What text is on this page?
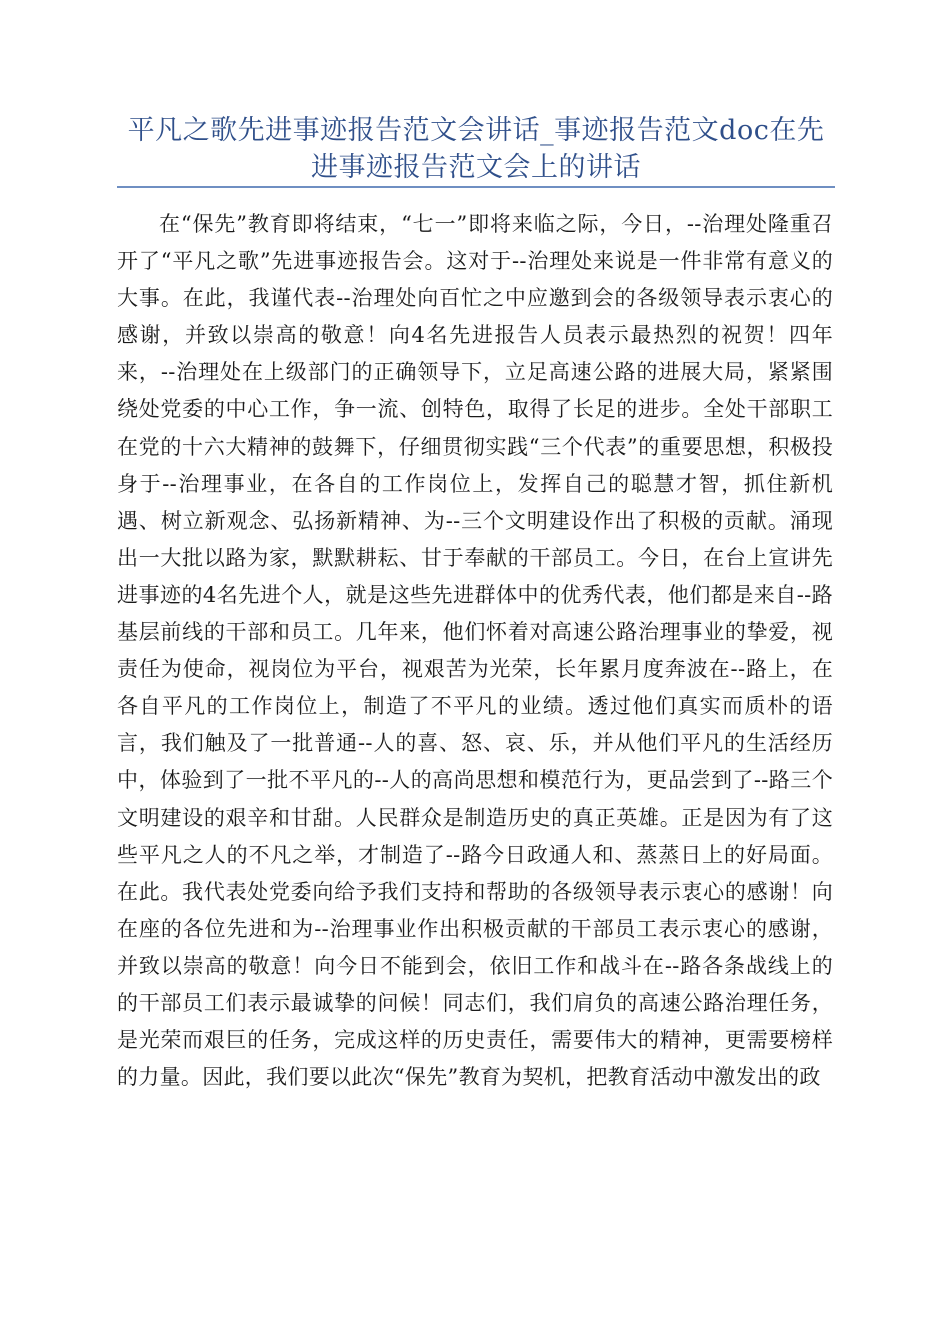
平凡之歌先进事迹报告范文会讲话_事迹报告范文doc在先进事迹报告范文会上的讲话

在“保先”教育即将结束，“七一”即将来临之际，今日，--治理处隆重召开了“平凡之歌”先进事迹报告会。这对于--治理处来说是一件非常有意义的大事。在此，我谨代表--治理处向百忙之中应邀到会的各级领导表示衷心的感谢，并致以崇高的敬意！向4名先进报告人员表示最热烈的祝贺！四年来，--治理处在上级部门的正确领导下，立足高速公路的进展大局，紧紧围绕处党委的中心工作，争一流、创特色，取得了长足的进步。全处干部职工在党的十六大精神的鼓舞下，仔细贯彻实践“三个代表”的重要思想，积极投身于--治理事业，在各自的工作岗位上，发挥自己的聪慧才智，抓住新机遇、树立新观念、弘扬新精神、为--三个文明建设作出了积极的贡献。涌现出一大批以路为家，默默耕耘、甘于奉献的干部员工。今日，在台上宣讲先进事迹的4名先进个人，就是这些先进群体中的优秀代表，他们都是来自--路基层前线的干部和员工。几年来，他们怀着对高速公路治理事业的挚爱，视责任为使命，视岗位为平台，视艰苦为光荣，长年累月度奔波在--路上，在各自平凡的工作岗位上，制造了不平凡的业绩。透过他们真实而质朴的语言，我们触及了一批普通--人的喜、怒、哀、乐，并从他们平凡的生活经历中，体验到了一批不平凡的--人的高尚思想和模范行为，更品尝到了--路三个文明建设的艰辛和甘甜。人民群众是制造历史的真正英雄。正是因为有了这些平凡之人的不凡之举，才制造了--路今日政通人和、蒸蒸日上的好局面。在此。我代表处党委向给予我们支持和帮助的各级领导表示衷心的感谢！向在座的各位先进和为--治理事业作出积极贡献的干部员工表示衷心的感谢，并致以崇高的敬意！向今日不能到会，依旧工作和战斗在--路各条战线上的的干部员工们表示最诚挚的问候！同志们，我们肩负的高速公路治理任务，是光荣而艰巨的任务，完成这样的历史责任，需要伟大的精神，更需要榜样的力量。因此，我们要以此次“保先”教育为契机，把教育活动中激发出的政
